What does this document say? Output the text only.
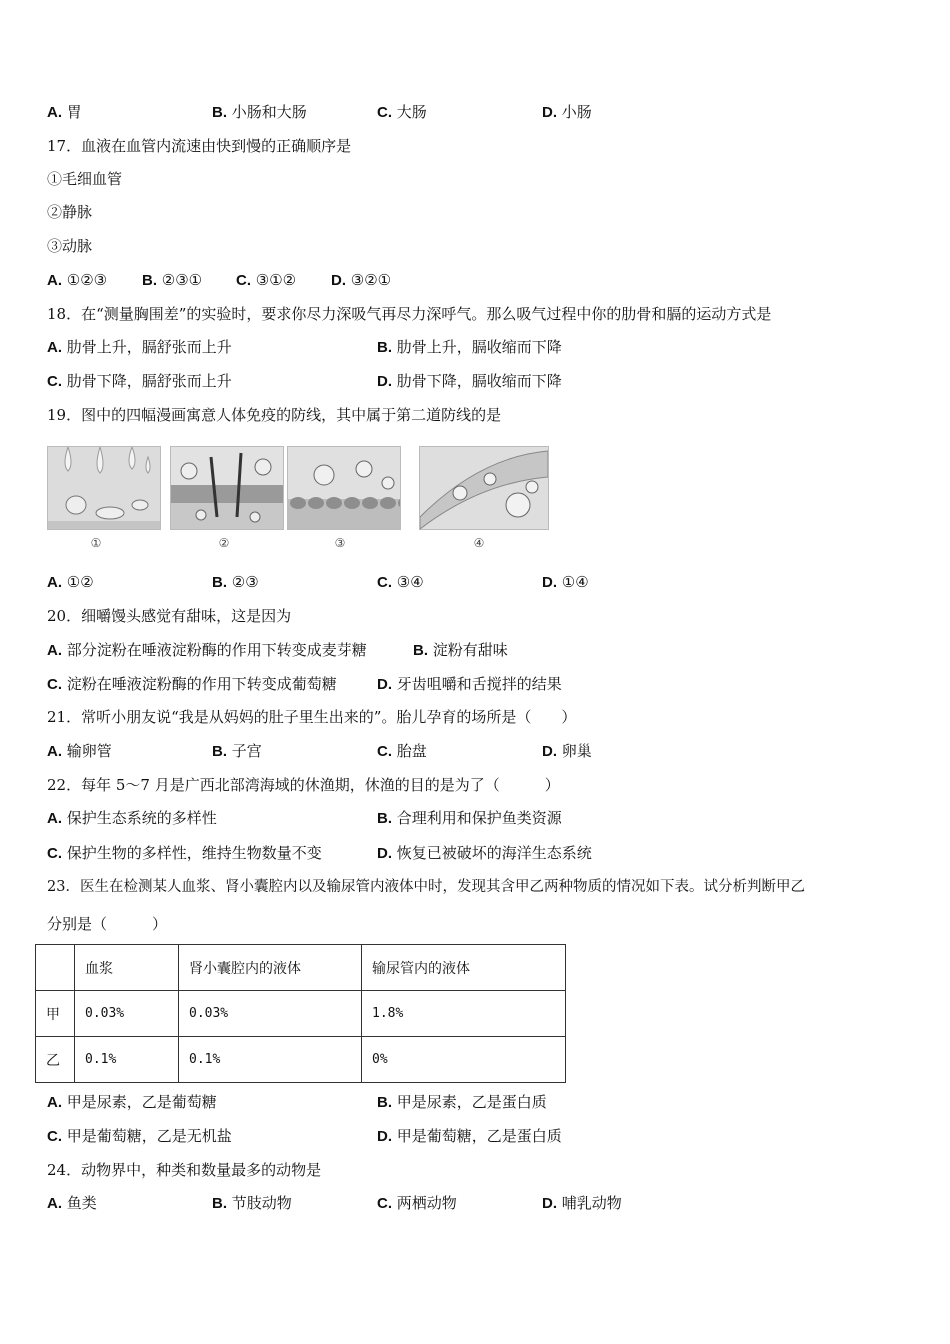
A. 胃	B. 小肠和大肠	C. 大肠	D. 小肠
17．血液在血管内流速由快到慢的正确顺序是
①毛细血管
②静脉
③动脉
A. ①②③ B. ②③① C. ③①② D. ③②①
18．在“测量胸围差”的实验时，要求你尽力深吸气再尽力深呼气。那么吸气过程中你的肋骨和膈的运动方式是
A. 肋骨上升，膈舒张而上升	B. 肋骨上升，膈收缩而下降
C. 肋骨下降，膈舒张而上升	D. 肋骨下降，膈收缩而下降
19．图中的四幅漫画寓意人体免疫的防线，其中属于第二道防线的是
①	②	③	④
A. ①②	B. ②③	C. ③④	D. ①④
20．细嚼馒头感觉有甜味，这是因为
A. 部分淀粉在唾液淀粉酶的作用下转变成麦芽糖	B. 淀粉有甜味
C. 淀粉在唾液淀粉酶的作用下转变成葡萄糖	D. 牙齿咀嚼和舌搅拌的结果
21．常听小朋友说“我是从妈妈的肚子里生出来的”。胎儿孕育的场所是（　　）
A. 输卵管	B. 子宫	C. 胎盘	D. 卵巢
22．每年 5～7 月是广西北部湾海域的休渔期，休渔的目的是为了（　　　）
A. 保护生态系统的多样性	B. 合理利用和保护鱼类资源
C. 保护生物的多样性，维持生物数量不变	D. 恢复已被破坏的海洋生态系统
23．医生在检测某人血浆、肾小囊腔内以及输尿管内液体中时，发现其含甲乙两种物质的情况如下表。试分析判断甲乙
分别是（　　　）
	血浆	肾小囊腔内的液体	输尿管内的液体
甲	0.03%	0.03%	1.8%
乙	0.1%	0.1%	0%
A. 甲是尿素，乙是葡萄糖	B. 甲是尿素，乙是蛋白质
C. 甲是葡萄糖，乙是无机盐	D. 甲是葡萄糖，乙是蛋白质
24．动物界中，种类和数量最多的动物是
A. 鱼类	B. 节肢动物	C. 两栖动物	D. 哺乳动物
